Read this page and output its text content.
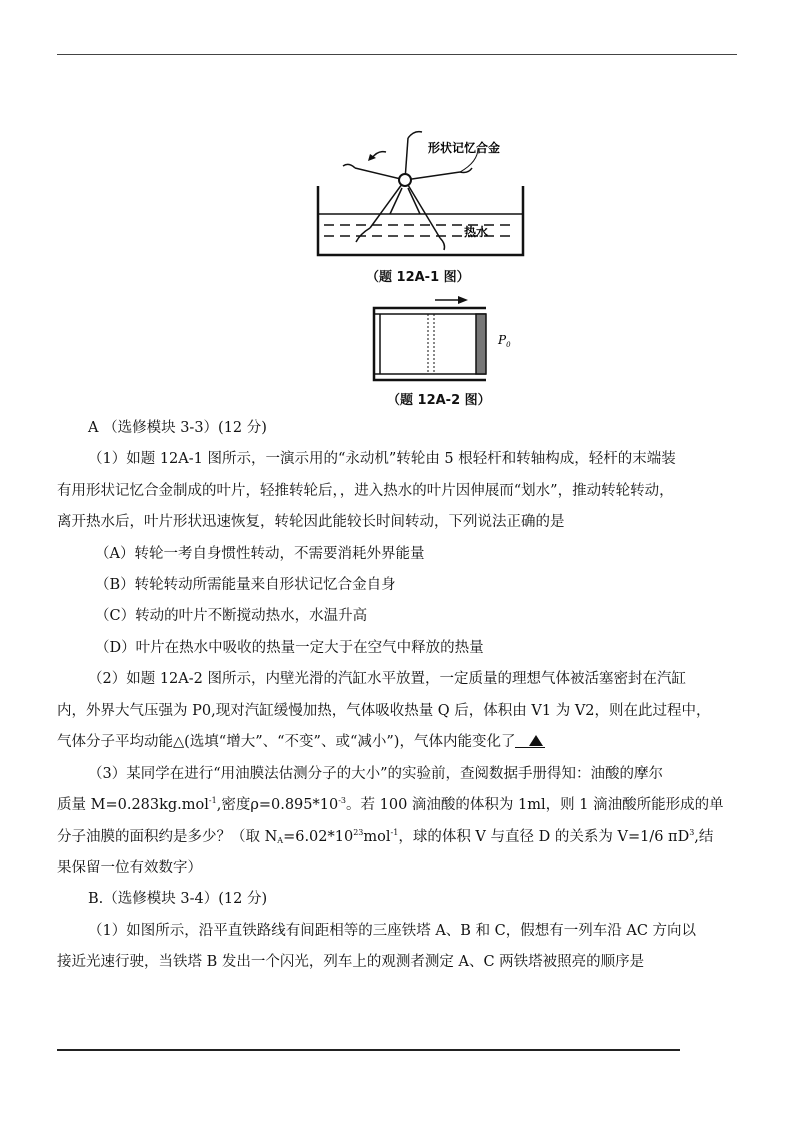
形状记忆合金
热水
（题 12A-1 图）
$P_0$
（题 12A-2 图）
A （选修模块 3-3）(12 分)
（1）如题 12A-1 图所示，一演示用的“永动机”转轮由 5 根轻杆和转轴构成，轻杆的末端装
有用形状记忆合金制成的叶片，轻推转轮后，，进入热水的叶片因伸展而“划水”，推动转轮转动，
离开热水后，叶片形状迅速恢复，转轮因此能较长时间转动，下列说法正确的是
（A）转轮一考自身惯性转动，不需要消耗外界能量
（B）转轮转动所需能量来自形状记忆合金自身
（C）转动的叶片不断搅动热水，水温升高
（D）叶片在热水中吸收的热量一定大于在空气中释放的热量
（2）如题 12A-2 图所示，内壁光滑的汽缸水平放置，一定质量的理想气体被活塞密封在汽缸
内，外界大气压强为 P0,现对汽缸缓慢加热，气体吸收热量 Q 后，体积由 V1 为 V2，则在此过程中，
气体分子平均动能△(选填“增大”、“不变”、或“减小”)，气体内能变化了
（3）某同学在进行“用油膜法估测分子的大小”的实验前，查阅数据手册得知：油酸的摩尔
质量 M=0.283kg.mol$^{-1}$,密度$\rho=0.895*10^{-3}$。若 100 滴油酸的体积为 1ml，则 1 滴油酸所能形成的单
分子油膜的面积约是多少？（取 $N_A=6.02*10^{23}mol^{-1}$，球的体积 V 与直径 D 的关系为 V=1/6 $\pi D^3$,结
果保留一位有效数字）
B.（选修模块 3-4）(12 分)
（1）如图所示，沿平直铁路线有间距相等的三座铁塔 A、B 和 C，假想有一列车沿 AC 方向以
接近光速行驶，当铁塔 B 发出一个闪光，列车上的观测者测定 A、C 两铁塔被照亮的顺序是
